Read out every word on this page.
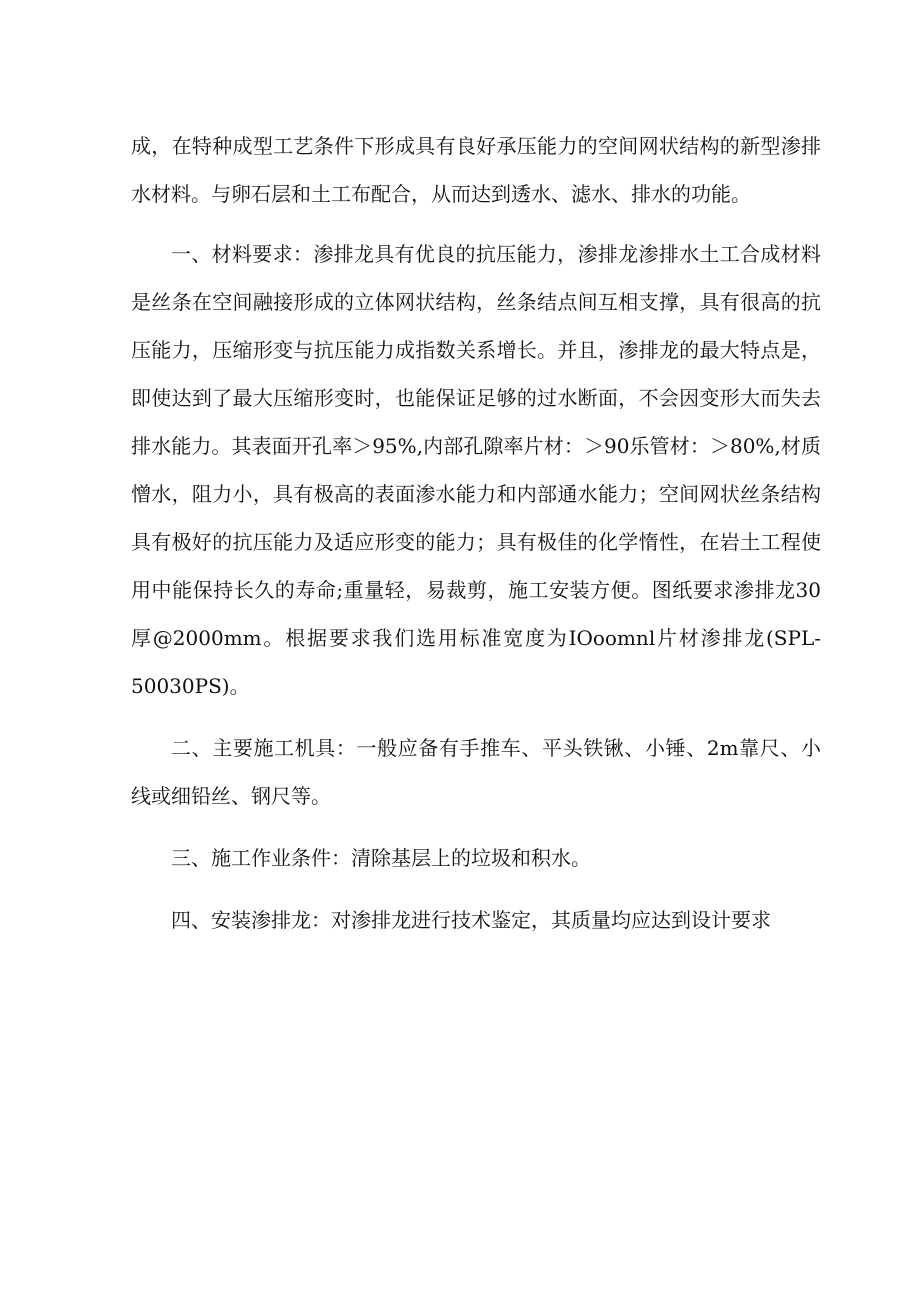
成，在特种成型工艺条件下形成具有良好承压能力的空间网状结构的新型渗排水材料。与卵石层和土工布配合，从而达到透水、滤水、排水的功能。

一、材料要求：渗排龙具有优良的抗压能力，渗排龙渗排水土工合成材料是丝条在空间融接形成的立体网状结构，丝条结点间互相支撑，具有很高的抗压能力，压缩形变与抗压能力成指数关系增长。并且，渗排龙的最大特点是，即使达到了最大压缩形变时，也能保证足够的过水断面，不会因变形大而失去排水能力。其表面开孔率＞95%,内部孔隙率片材：＞90乐管材：＞80%,材质憎水，阻力小，具有极高的表面渗水能力和内部通水能力；空间网状丝条结构具有极好的抗压能力及适应形变的能力；具有极佳的化学惰性，在岩土工程使用中能保持长久的寿命;重量轻，易裁剪，施工安装方便。图纸要求渗排龙30厚@2000mm。根据要求我们选用标准宽度为IOoomnl片材渗排龙(SPL-50030PS)。

二、主要施工机具：一般应备有手推车、平头铁锹、小锤、2m靠尺、小线或细铅丝、钢尺等。

三、施工作业条件：清除基层上的垃圾和积水。

四、安装渗排龙：对渗排龙进行技术鉴定，其质量均应达到设计要求
